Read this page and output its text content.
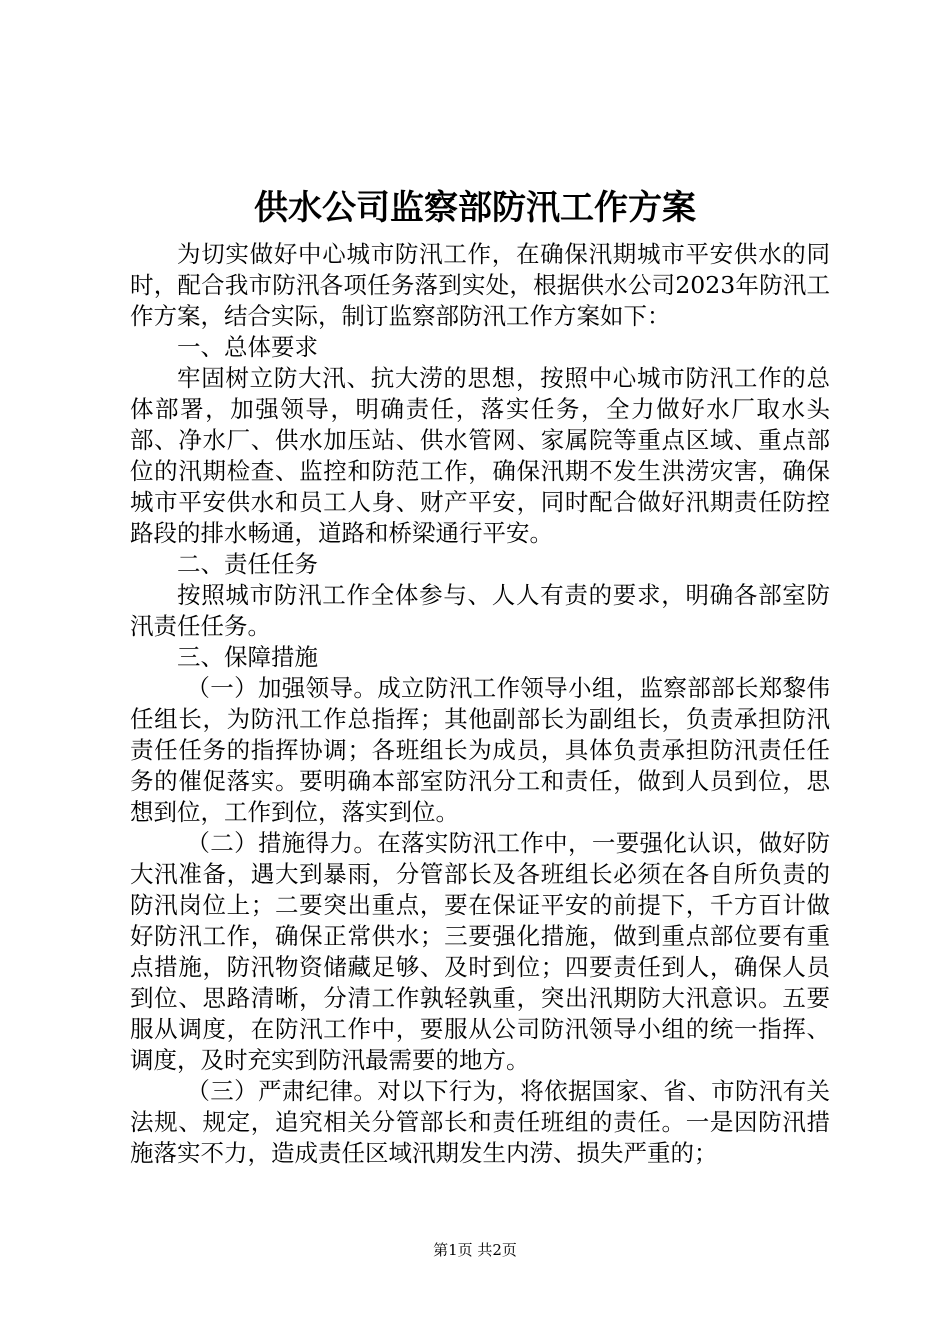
供水公司监察部防汛工作方案

为切实做好中心城市防汛工作，在确保汛期城市平安供水的同时，配合我市防汛各项任务落到实处，根据供水公司2023年防汛工作方案，结合实际，制订监察部防汛工作方案如下：

一、总体要求

牢固树立防大汛、抗大涝的思想，按照中心城市防汛工作的总体部署，加强领导，明确责任，落实任务，全力做好水厂取水头部、净水厂、供水加压站、供水管网、家属院等重点区域、重点部位的汛期检查、监控和防范工作，确保汛期不发生洪涝灾害，确保城市平安供水和员工人身、财产平安，同时配合做好汛期责任防控路段的排水畅通，道路和桥梁通行平安。

二、责任任务

按照城市防汛工作全体参与、人人有责的要求，明确各部室防汛责任任务。

三、保障措施

（一）加强领导。成立防汛工作领导小组，监察部部长郑黎伟任组长，为防汛工作总指挥；其他副部长为副组长，负责承担防汛责任任务的指挥协调；各班组长为成员，具体负责承担防汛责任任务的催促落实。要明确本部室防汛分工和责任，做到人员到位，思想到位，工作到位，落实到位。

（二）措施得力。在落实防汛工作中，一要强化认识，做好防大汛准备，遇大到暴雨，分管部长及各班组长必须在各自所负责的防汛岗位上；二要突出重点，要在保证平安的前提下，千方百计做好防汛工作，确保正常供水；三要强化措施，做到重点部位要有重点措施，防汛物资储藏足够、及时到位；四要责任到人，确保人员到位、思路清晰，分清工作孰轻孰重，突出汛期防大汛意识。五要服从调度，在防汛工作中，要服从公司防汛领导小组的统一指挥、调度，及时充实到防汛最需要的地方。

（三）严肃纪律。对以下行为，将依据国家、省、市防汛有关法规、规定，追究相关分管部长和责任班组的责任。一是因防汛措施落实不力，造成责任区域汛期发生内涝、损失严重的；

第1页 共2页
